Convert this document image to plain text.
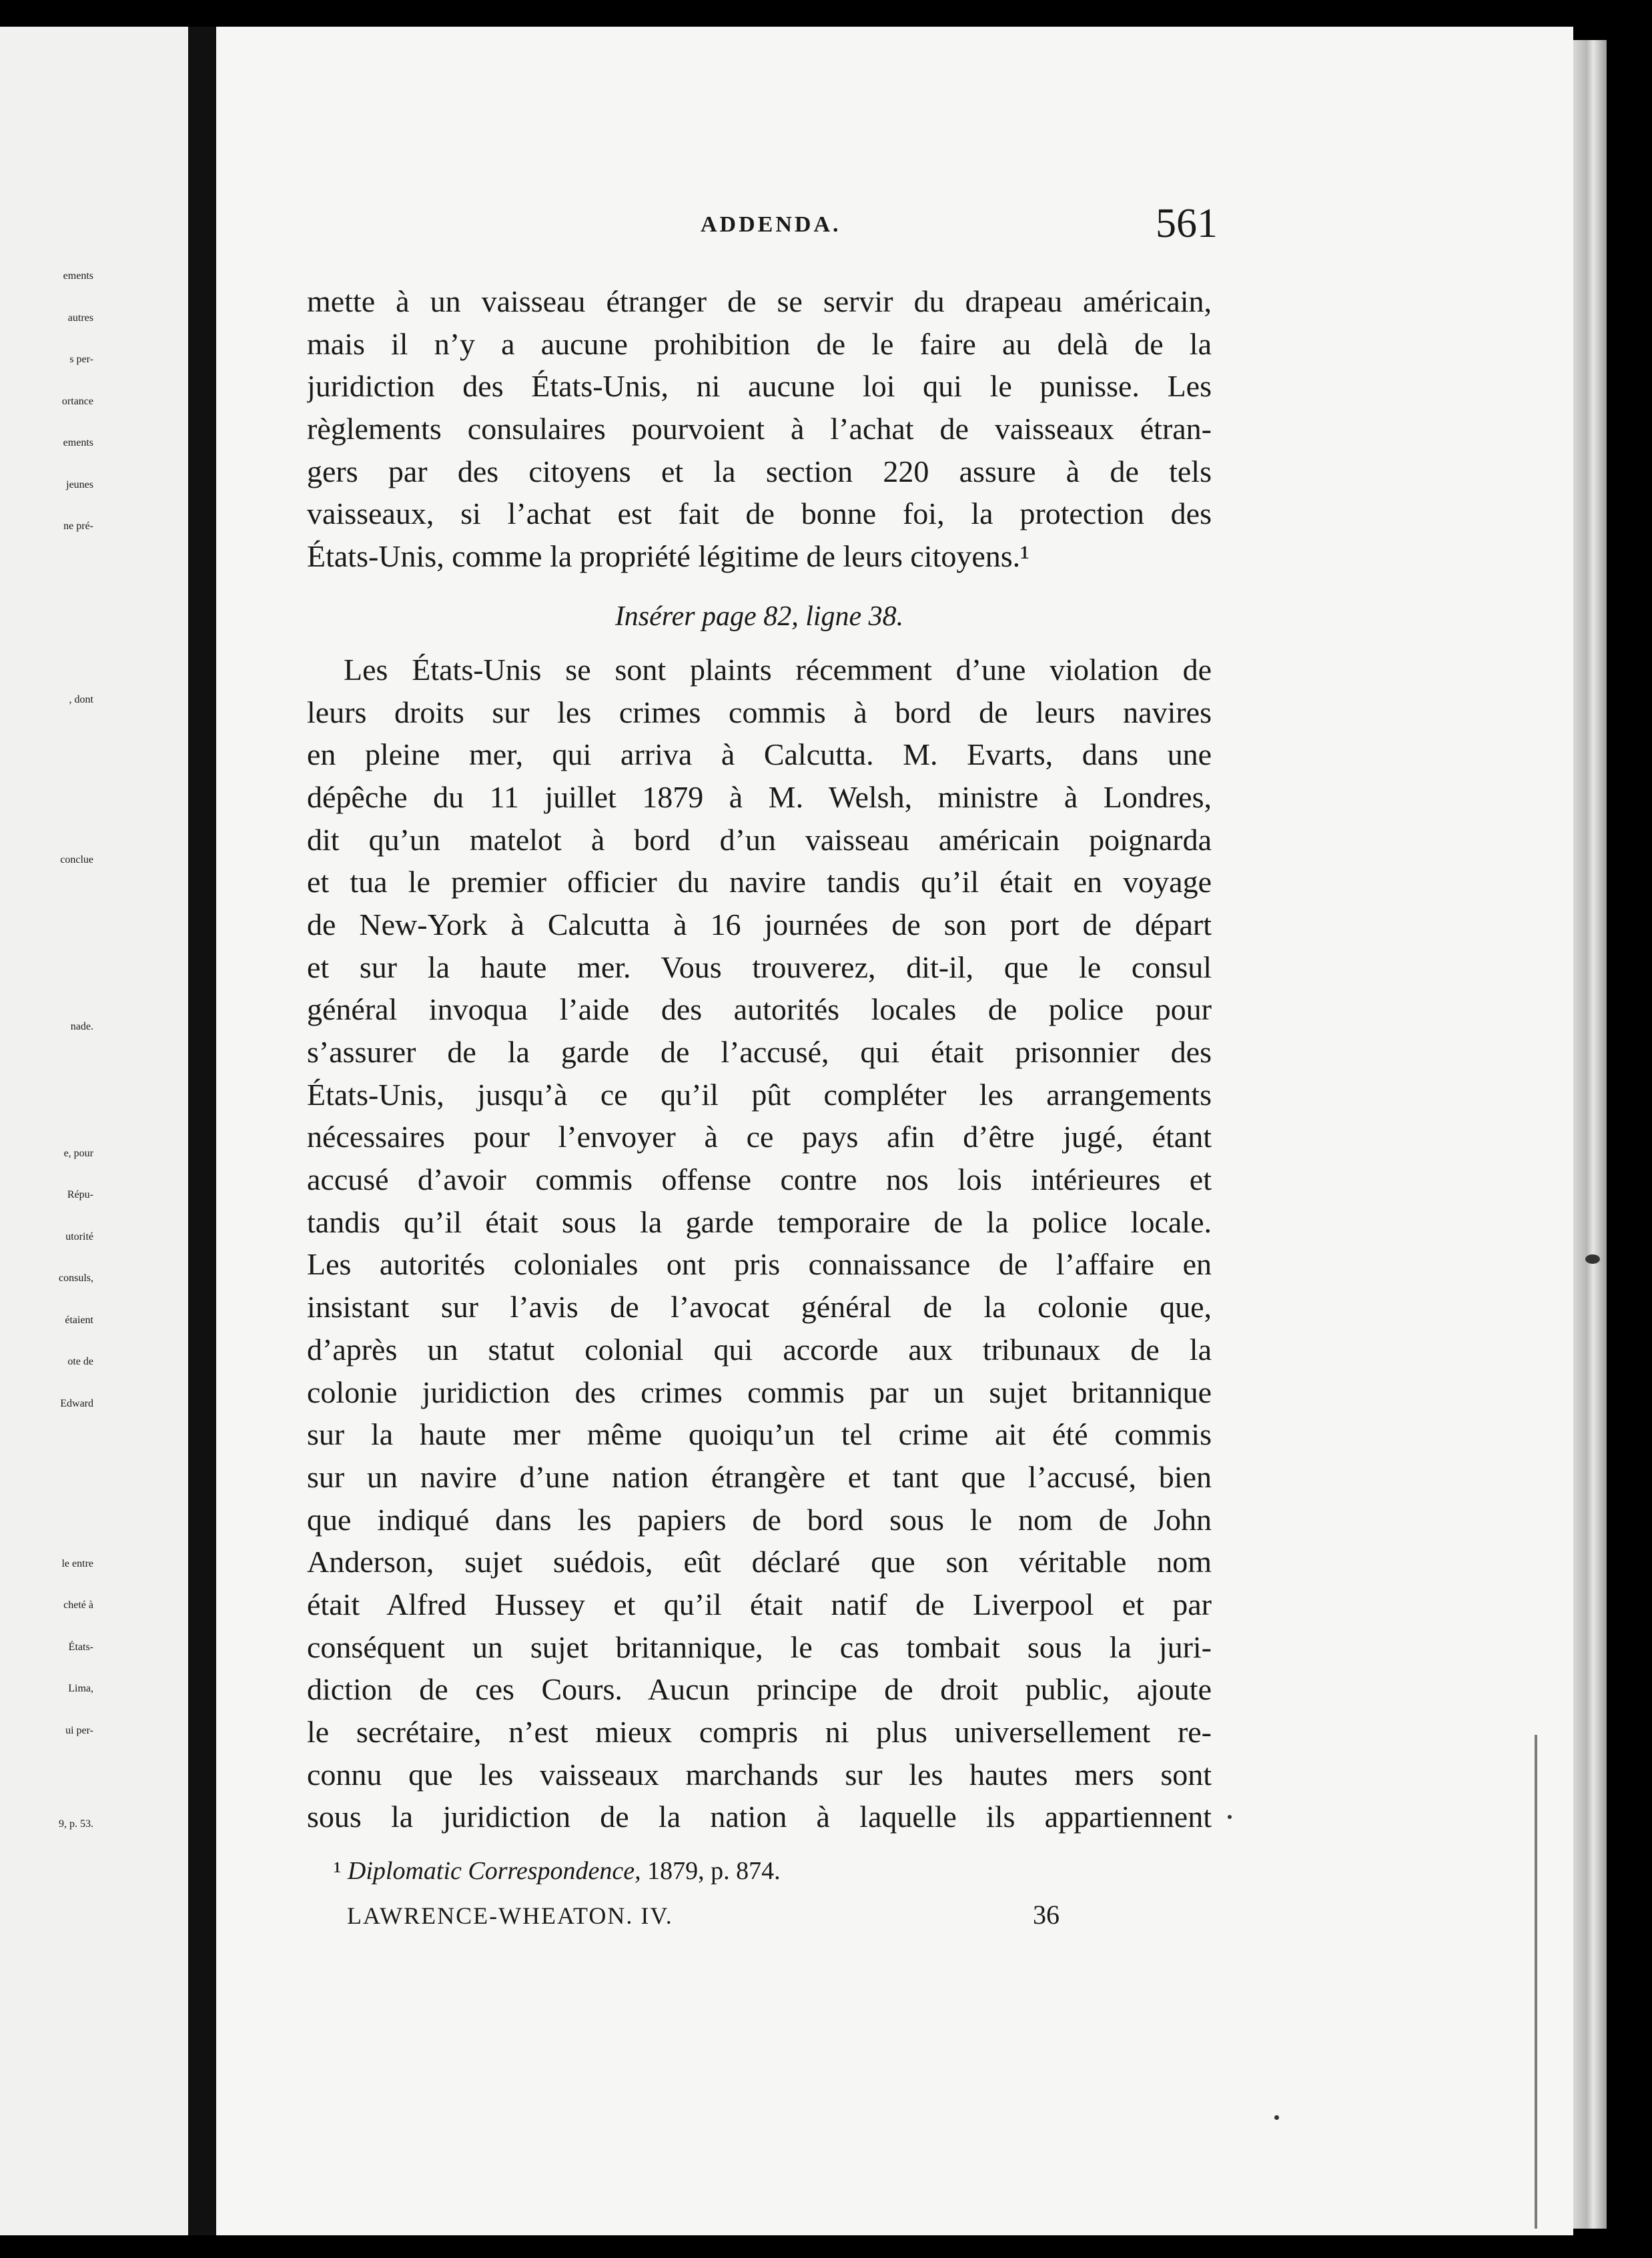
ements
autres
s per-
ortance
ements
jeunes
ne pré-
, dont
conclue
nade.
e, pour
Répu-
utorité
consuls,
étaient
ote de
Edward
le entre
cheté à
États-
Lima,
ui per-
9, p. 53.
ADDENDA.	561
mette à un vaisseau étranger de se servir du drapeau américain,
mais il n’y a aucune prohibition de le faire au delà de la
juridiction des États-Unis, ni aucune loi qui le punisse. Les
règlements consulaires pourvoient à l’achat de vaisseaux étran-
gers par des citoyens et la section 220 assure à de tels
vaisseaux, si l’achat est fait de bonne foi, la protection des
États-Unis, comme la propriété légitime de leurs citoyens.¹
Insérer page 82, ligne 38.
Les États-Unis se sont plaints récemment d’une violation de
leurs droits sur les crimes commis à bord de leurs navires
en pleine mer, qui arriva à Calcutta. M. Evarts, dans une
dépêche du 11 juillet 1879 à M. Welsh, ministre à Londres,
dit qu’un matelot à bord d’un vaisseau américain poignarda
et tua le premier officier du navire tandis qu’il était en voyage
de New-York à Calcutta à 16 journées de son port de départ
et sur la haute mer. Vous trouverez, dit-il, que le consul
général invoqua l’aide des autorités locales de police pour
s’assurer de la garde de l’accusé, qui était prisonnier des
États-Unis, jusqu’à ce qu’il pût compléter les arrangements
nécessaires pour l’envoyer à ce pays afin d’être jugé, étant
accusé d’avoir commis offense contre nos lois intérieures et
tandis qu’il était sous la garde temporaire de la police locale.
Les autorités coloniales ont pris connaissance de l’affaire en
insistant sur l’avis de l’avocat général de la colonie que,
d’après un statut colonial qui accorde aux tribunaux de la
colonie juridiction des crimes commis par un sujet britannique
sur la haute mer même quoiqu’un tel crime ait été commis
sur un navire d’une nation étrangère et tant que l’accusé, bien
que indiqué dans les papiers de bord sous le nom de John
Anderson, sujet suédois, eût déclaré que son véritable nom
était Alfred Hussey et qu’il était natif de Liverpool et par
conséquent un sujet britannique, le cas tombait sous la juri-
diction de ces Cours. Aucun principe de droit public, ajoute
le secrétaire, n’est mieux compris ni plus universellement re-
connu que les vaisseaux marchands sur les hautes mers sont
sous la juridiction de la nation à laquelle ils appartiennent
¹ Diplomatic Correspondence, 1879, p. 874.
LAWRENCE-WHEATON. IV.	36
